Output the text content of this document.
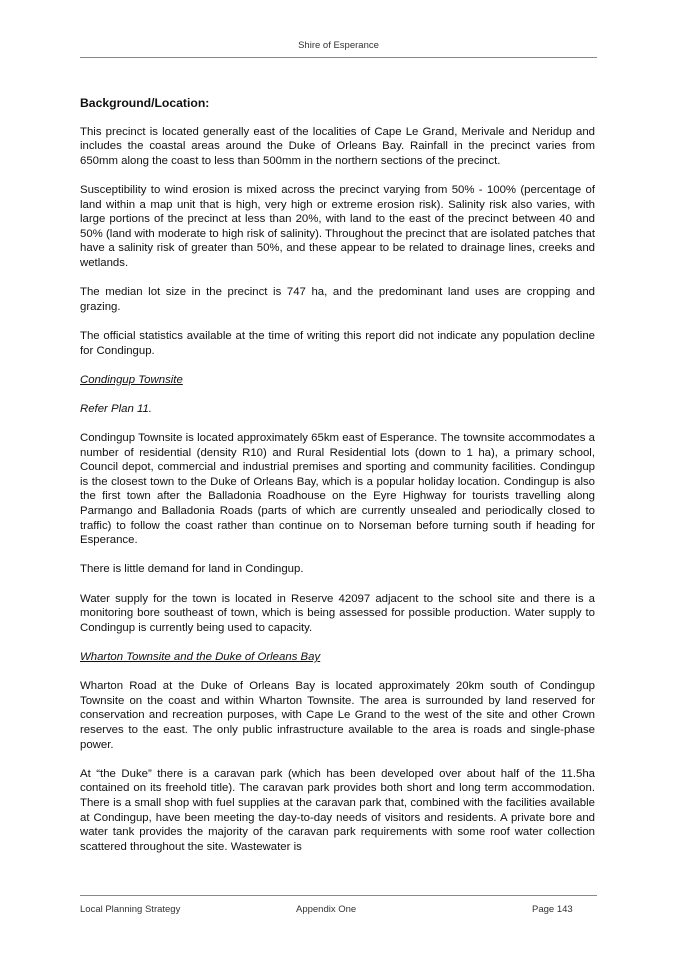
Shire of Esperance
Background/Location:

This precinct is located generally east of the localities of Cape Le Grand, Merivale and Neridup and includes the coastal areas around the Duke of Orleans Bay. Rainfall in the precinct varies from 650mm along the coast to less than 500mm in the northern sections of the precinct.

Susceptibility to wind erosion is mixed across the precinct varying from 50% - 100% (percentage of land within a map unit that is high, very high or extreme erosion risk). Salinity risk also varies, with large portions of the precinct at less than 20%, with land to the east of the precinct between 40 and 50% (land with moderate to high risk of salinity). Throughout the precinct that are isolated patches that have a salinity risk of greater than 50%, and these appear to be related to drainage lines, creeks and wetlands.

The median lot size in the precinct is 747 ha, and the predominant land uses are cropping and grazing.

The official statistics available at the time of writing this report did not indicate any population decline for Condingup.

Condingup Townsite

Refer Plan 11.

Condingup Townsite is located approximately 65km east of Esperance. The townsite accommodates a number of residential (density R10) and Rural Residential lots (down to 1 ha), a primary school, Council depot, commercial and industrial premises and sporting and community facilities. Condingup is the closest town to the Duke of Orleans Bay, which is a popular holiday location. Condingup is also the first town after the Balladonia Roadhouse on the Eyre Highway for tourists travelling along Parmango and Balladonia Roads (parts of which are currently unsealed and periodically closed to traffic) to follow the coast rather than continue on to Norseman before turning south if heading for Esperance.

There is little demand for land in Condingup.

Water supply for the town is located in Reserve 42097 adjacent to the school site and there is a monitoring bore southeast of town, which is being assessed for possible production. Water supply to Condingup is currently being used to capacity.

Wharton Townsite and the Duke of Orleans Bay

Wharton Road at the Duke of Orleans Bay is located approximately 20km south of Condingup Townsite on the coast and within Wharton Townsite. The area is surrounded by land reserved for conservation and recreation purposes, with Cape Le Grand to the west of the site and other Crown reserves to the east. The only public infrastructure available to the area is roads and single-phase power.

At “the Duke” there is a caravan park (which has been developed over about half of the 11.5ha contained on its freehold title). The caravan park provides both short and long term accommodation. There is a small shop with fuel supplies at the caravan park that, combined with the facilities available at Condingup, have been meeting the day-to-day needs of visitors and residents. A private bore and water tank provides the majority of the caravan park requirements with some roof water collection scattered throughout the site. Wastewater is

Local Planning Strategy	Appendix One	Page 143
